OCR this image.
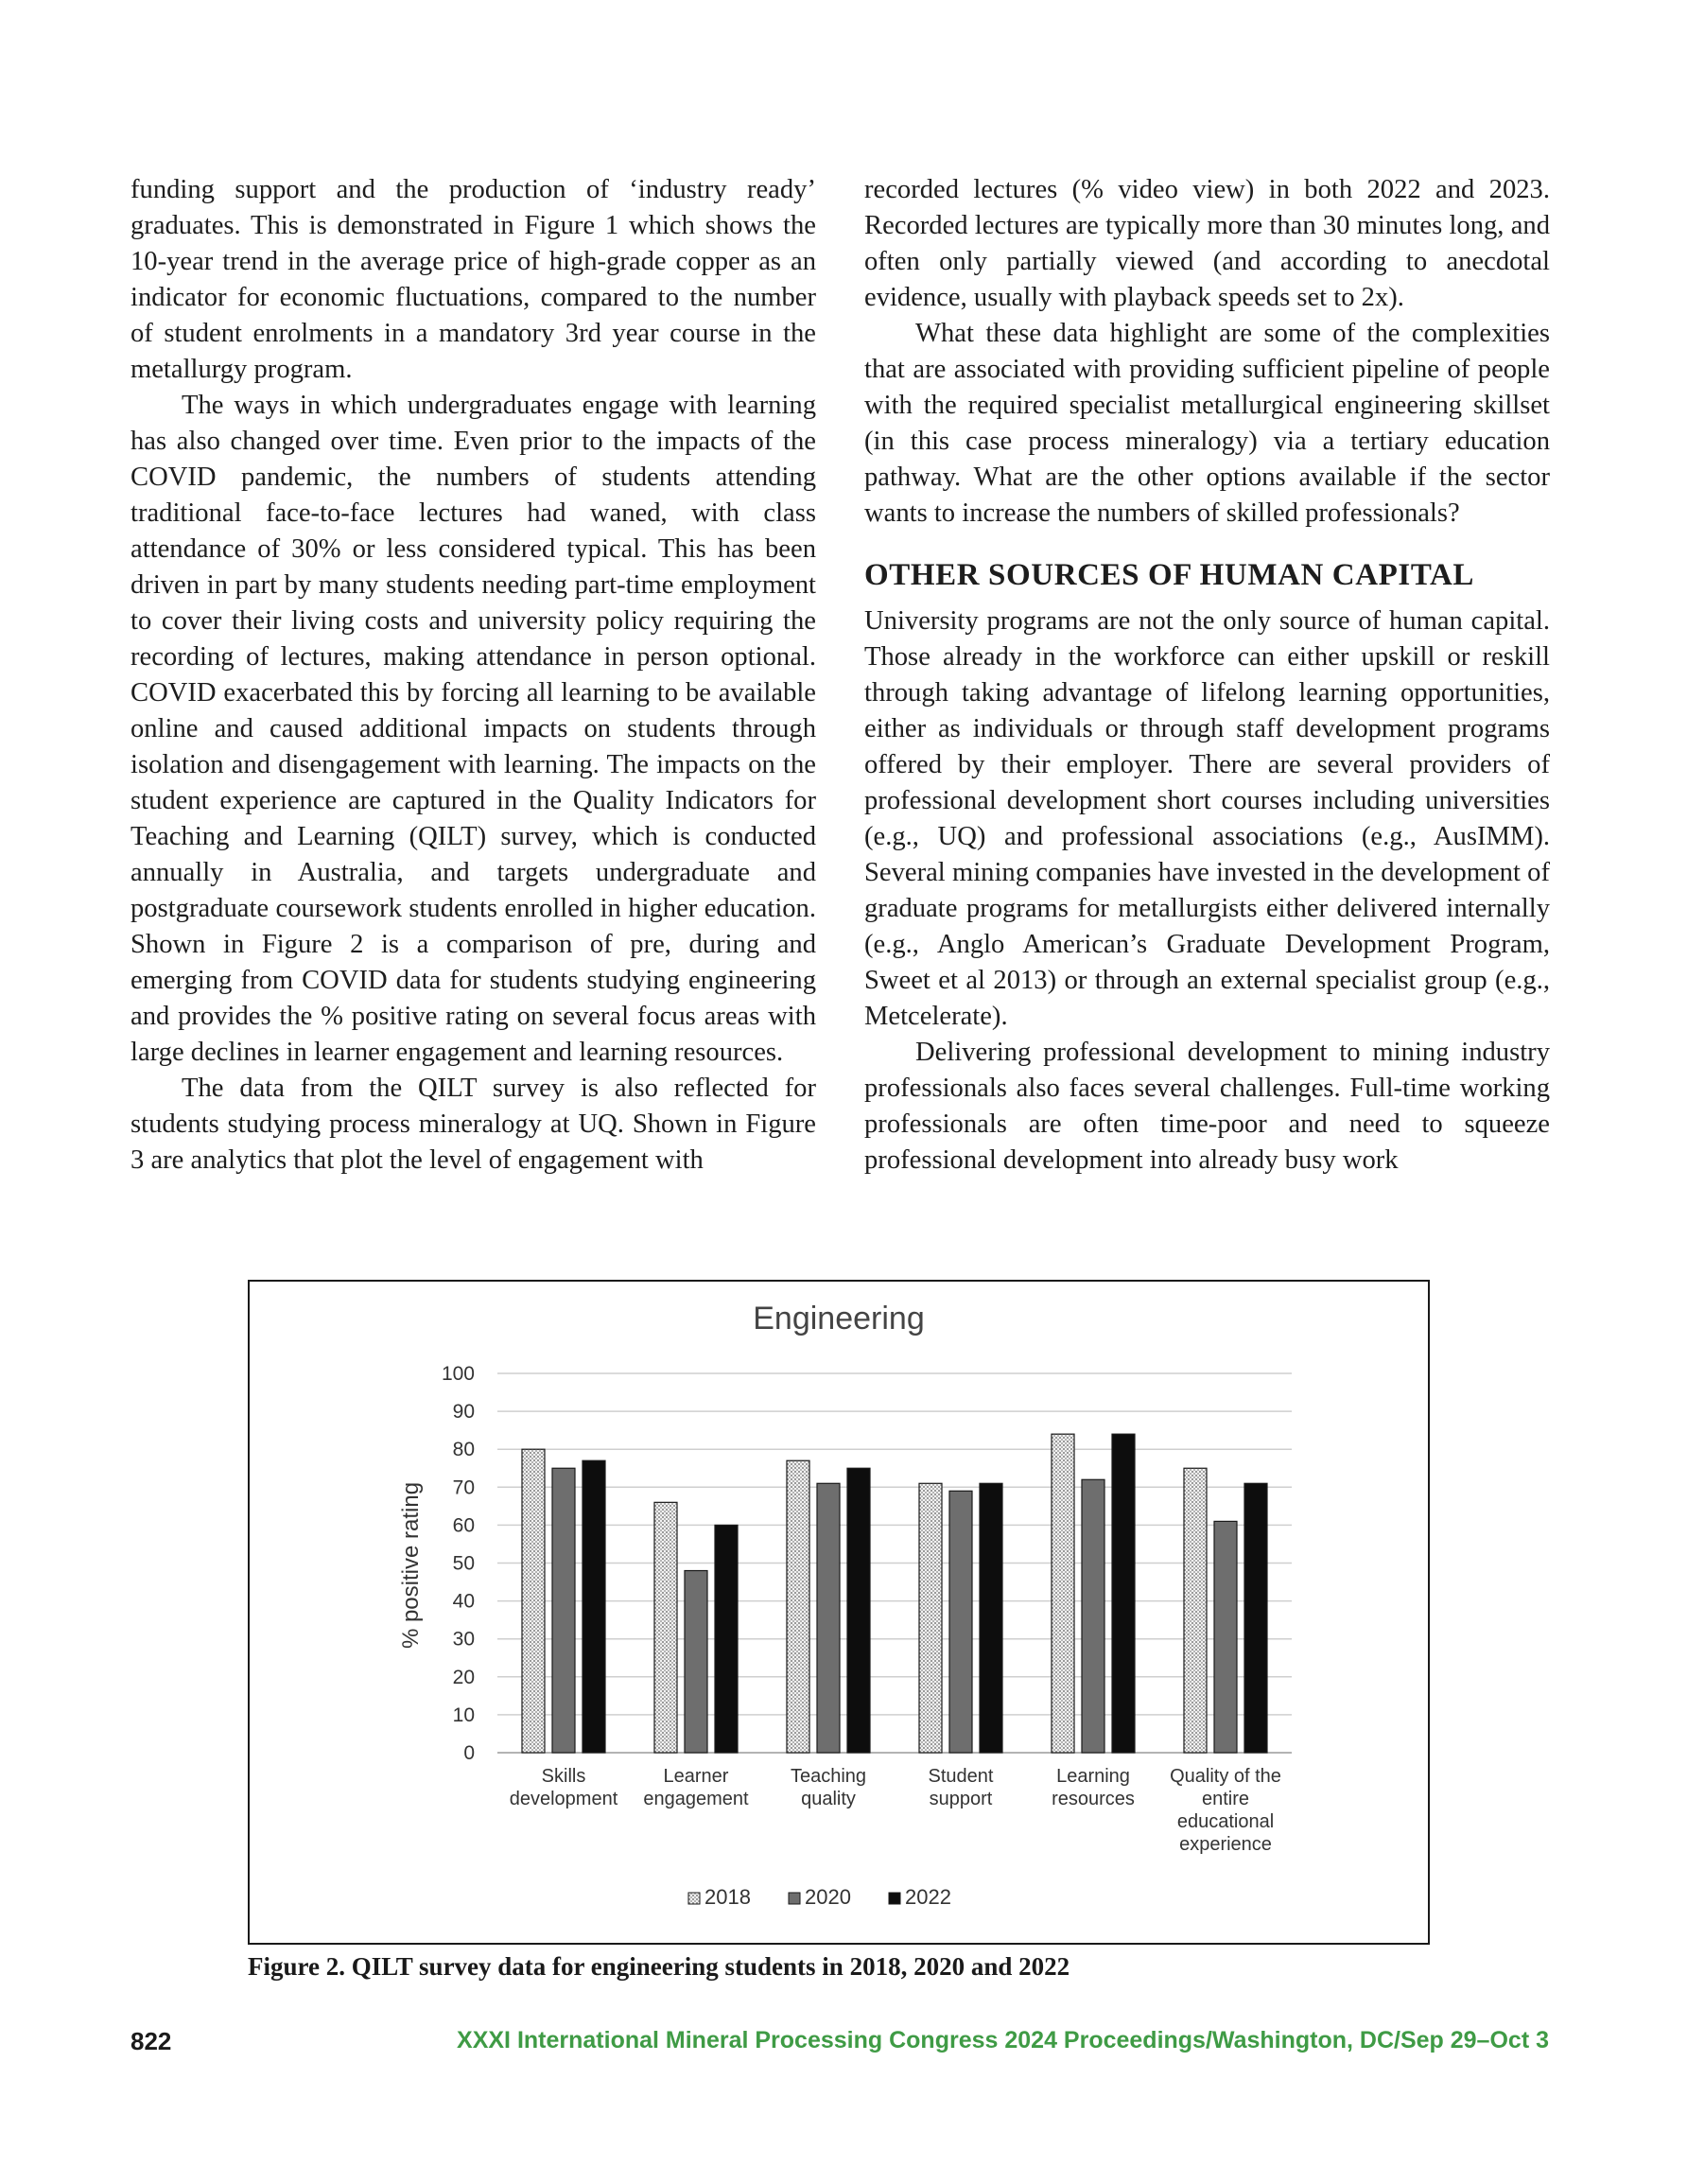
funding support and the production of ‘industry ready’ graduates. This is demonstrated in Figure 1 which shows the 10-year trend in the average price of high-grade copper as an indicator for economic fluctuations, compared to the number of student enrolments in a mandatory 3rd year course in the metallurgy program.

The ways in which undergraduates engage with learning has also changed over time. Even prior to the impacts of the COVID pandemic, the numbers of students attending traditional face-to-face lectures had waned, with class attendance of 30% or less considered typical. This has been driven in part by many students needing part-time employment to cover their living costs and university policy requiring the recording of lectures, making attendance in person optional. COVID exacerbated this by forcing all learning to be available online and caused additional impacts on students through isolation and disengagement with learning. The impacts on the student experience are captured in the Quality Indicators for Teaching and Learning (QILT) survey, which is conducted annually in Australia, and targets undergraduate and postgraduate coursework students enrolled in higher education. Shown in Figure 2 is a comparison of pre, during and emerging from COVID data for students studying engineering and provides the % positive rating on several focus areas with large declines in learner engagement and learning resources.

The data from the QILT survey is also reflected for students studying process mineralogy at UQ. Shown in Figure 3 are analytics that plot the level of engagement with

recorded lectures (% video view) in both 2022 and 2023. Recorded lectures are typically more than 30 minutes long, and often only partially viewed (and according to anecdotal evidence, usually with playback speeds set to 2x).

What these data highlight are some of the complexities that are associated with providing sufficient pipeline of people with the required specialist metallurgical engineering skillset (in this case process mineralogy) via a tertiary education pathway. What are the other options available if the sector wants to increase the numbers of skilled professionals?

OTHER SOURCES OF HUMAN CAPITAL

University programs are not the only source of human capital. Those already in the workforce can either upskill or reskill through taking advantage of lifelong learning opportunities, either as individuals or through staff development programs offered by their employer. There are several providers of professional development short courses including universities (e.g., UQ) and professional associations (e.g., AusIMM). Several mining companies have invested in the development of graduate programs for metallurgists either delivered internally (e.g., Anglo American’s Graduate Development Program, Sweet et al 2013) or through an external specialist group (e.g., Metcelerate).

Delivering professional development to mining industry professionals also faces several challenges. Full-time working professionals are often time-poor and need to squeeze professional development into already busy work

Engineering
0
10
20
30
40
50
60
70
80
90
100
% positive rating
Skills
development
Learner
engagement
Teaching
quality
Student
support
Learning
resources
Quality of the
entire
educational
experience
2018	2020	2022
Figure 2. QILT survey data for engineering students in 2018, 2020 and 2022
822	XXXI International Mineral Processing Congress 2024 Proceedings/Washington, DC/Sep 29–Oct 3
